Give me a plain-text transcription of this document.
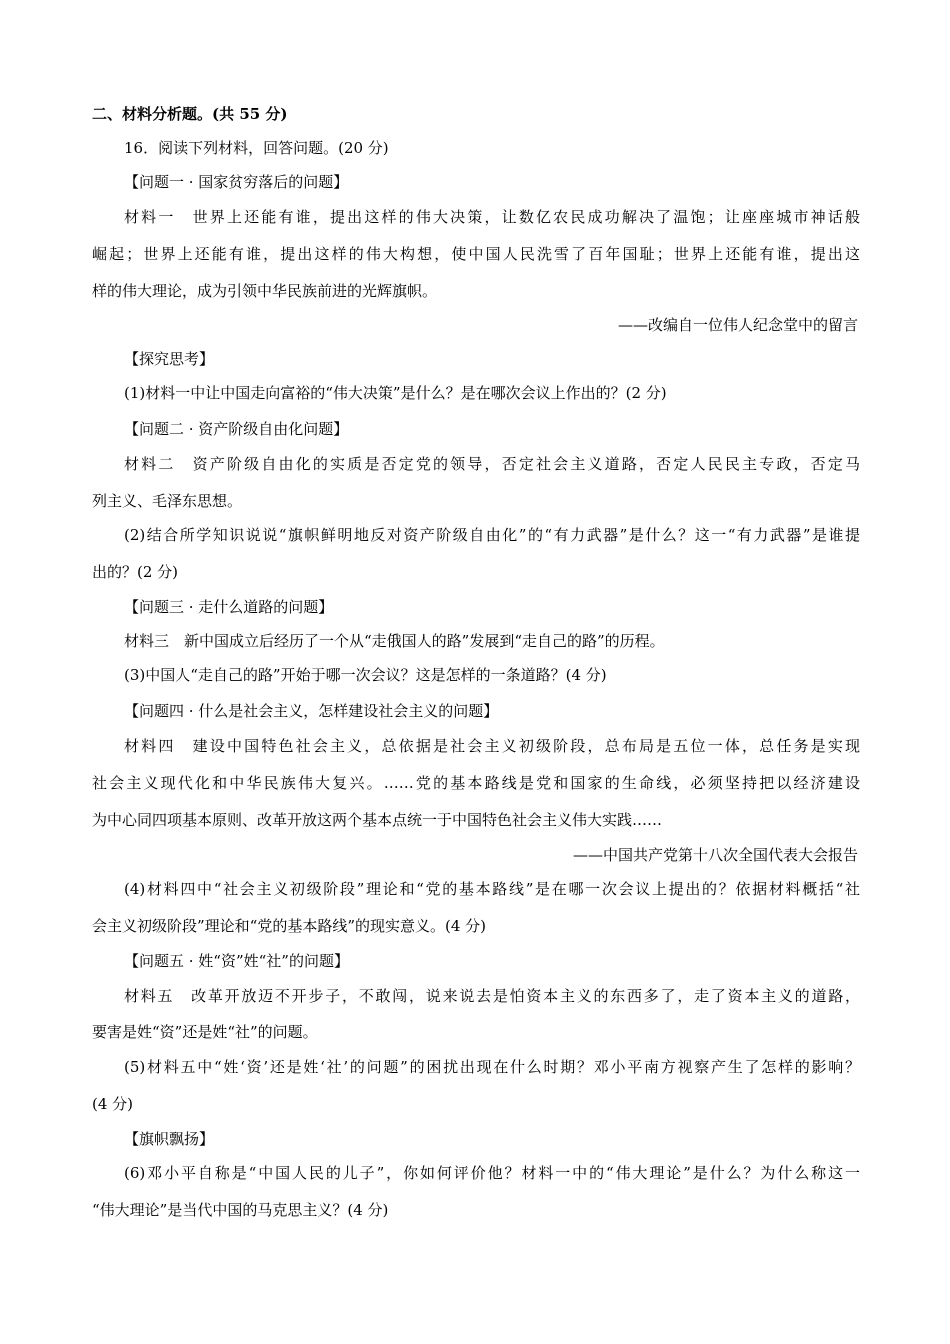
二、材料分析题。(共 55 分)

16．阅读下列材料，回答问题。(20 分)

【问题一 · 国家贫穷落后的问题】

材料一　世界上还能有谁，提出这样的伟大决策，让数亿农民成功解决了温饱；让座座城市神话般

崛起；世界上还能有谁，提出这样的伟大构想，使中国人民洗雪了百年国耻；世界上还能有谁，提出这

样的伟大理论，成为引领中华民族前进的光辉旗帜。

——改编自一位伟人纪念堂中的留言

【探究思考】

(1)材料一中让中国走向富裕的“伟大决策”是什么？是在哪次会议上作出的？(2 分)

【问题二 · 资产阶级自由化问题】

材料二　资产阶级自由化的实质是否定党的领导，否定社会主义道路，否定人民民主专政，否定马

列主义、毛泽东思想。

(2)结合所学知识说说“旗帜鲜明地反对资产阶级自由化”的“有力武器”是什么？这一“有力武器”是谁提

出的？(2 分)

【问题三 · 走什么道路的问题】

材料三　新中国成立后经历了一个从“走俄国人的路”发展到“走自己的路”的历程。

(3)中国人“走自己的路”开始于哪一次会议？这是怎样的一条道路？(4 分)

【问题四 · 什么是社会主义，怎样建设社会主义的问题】

材料四　建设中国特色社会主义，总依据是社会主义初级阶段，总布局是五位一体，总任务是实现

社会主义现代化和中华民族伟大复兴。……党的基本路线是党和国家的生命线，必须坚持把以经济建设

为中心同四项基本原则、改革开放这两个基本点统一于中国特色社会主义伟大实践……

——中国共产党第十八次全国代表大会报告

(4)材料四中“社会主义初级阶段”理论和“党的基本路线”是在哪一次会议上提出的？依据材料概括“社

会主义初级阶段”理论和“党的基本路线”的现实意义。(4 分)

【问题五 · 姓“资”姓“社”的问题】

材料五　改革开放迈不开步子，不敢闯，说来说去是怕资本主义的东西多了，走了资本主义的道路，

要害是姓“资”还是姓“社”的问题。

(5)材料五中“姓‘资’还是姓‘社’的问题”的困扰出现在什么时期？邓小平南方视察产生了怎样的影响？

(4 分)

【旗帜飘扬】

(6)邓小平自称是“中国人民的儿子”，你如何评价他？材料一中的“伟大理论”是什么？为什么称这一

“伟大理论”是当代中国的马克思主义？(4 分)
